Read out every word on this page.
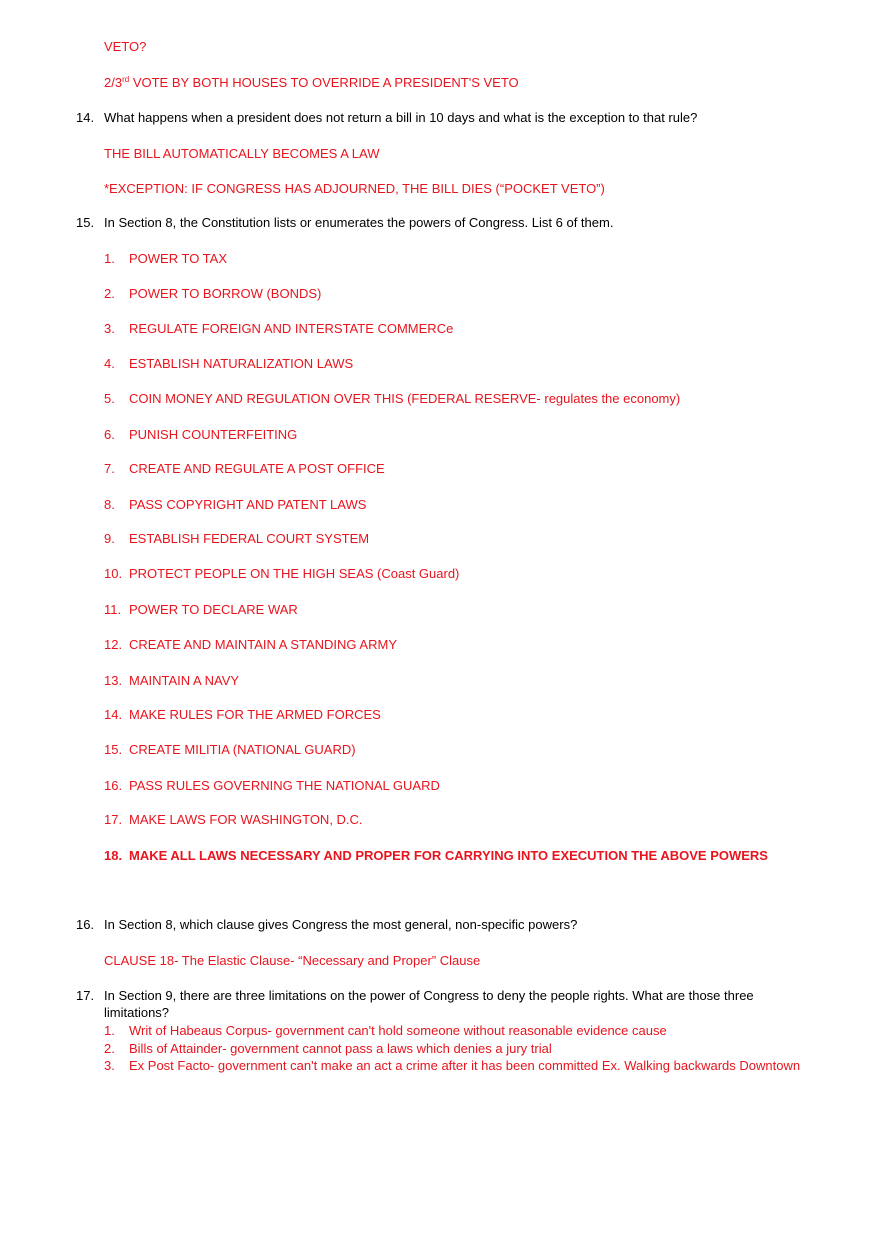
VETO?
2/3rd VOTE BY BOTH HOUSES TO OVERRIDE A PRESIDENT'S VETO
14. What happens when a president does not return a bill in 10 days and what is the exception to that rule?
THE BILL AUTOMATICALLY BECOMES A LAW
*EXCEPTION: IF CONGRESS HAS ADJOURNED, THE BILL DIES (“POCKET VETO”)
15. In Section 8, the Constitution lists or enumerates the powers of Congress. List 6 of them.
1. POWER TO TAX
2. POWER TO BORROW (BONDS)
3. REGULATE FOREIGN AND INTERSTATE COMMERCe
4. ESTABLISH NATURALIZATION LAWS
5. COIN MONEY AND REGULATION OVER THIS (FEDERAL RESERVE- regulates the economy)
6. PUNISH COUNTERFEITING
7. CREATE AND REGULATE A POST OFFICE
8. PASS COPYRIGHT AND PATENT LAWS
9. ESTABLISH FEDERAL COURT SYSTEM
10. PROTECT PEOPLE ON THE HIGH SEAS (Coast Guard)
11. POWER TO DECLARE WAR
12. CREATE AND MAINTAIN A STANDING ARMY
13. MAINTAIN A NAVY
14. MAKE RULES FOR THE ARMED FORCES
15. CREATE MILITIA (NATIONAL GUARD)
16. PASS RULES GOVERNING THE NATIONAL GUARD
17. MAKE LAWS FOR WASHINGTON, D.C.
18. MAKE ALL LAWS NECESSARY AND PROPER FOR CARRYING INTO EXECUTION THE ABOVE POWERS
16. In Section 8, which clause gives Congress the most general, non-specific powers?
CLAUSE 18- The Elastic Clause- “Necessary and Proper” Clause
17. In Section 9, there are three limitations on the power of Congress to deny the people rights. What are those three
limitations?
1. Writ of Habeaus Corpus- government can't hold someone without reasonable evidence cause
2. Bills of Attainder- government cannot pass a laws which denies a jury trial
3. Ex Post Facto- government can't make an act a crime after it has been committed Ex. Walking backwards Downtown
